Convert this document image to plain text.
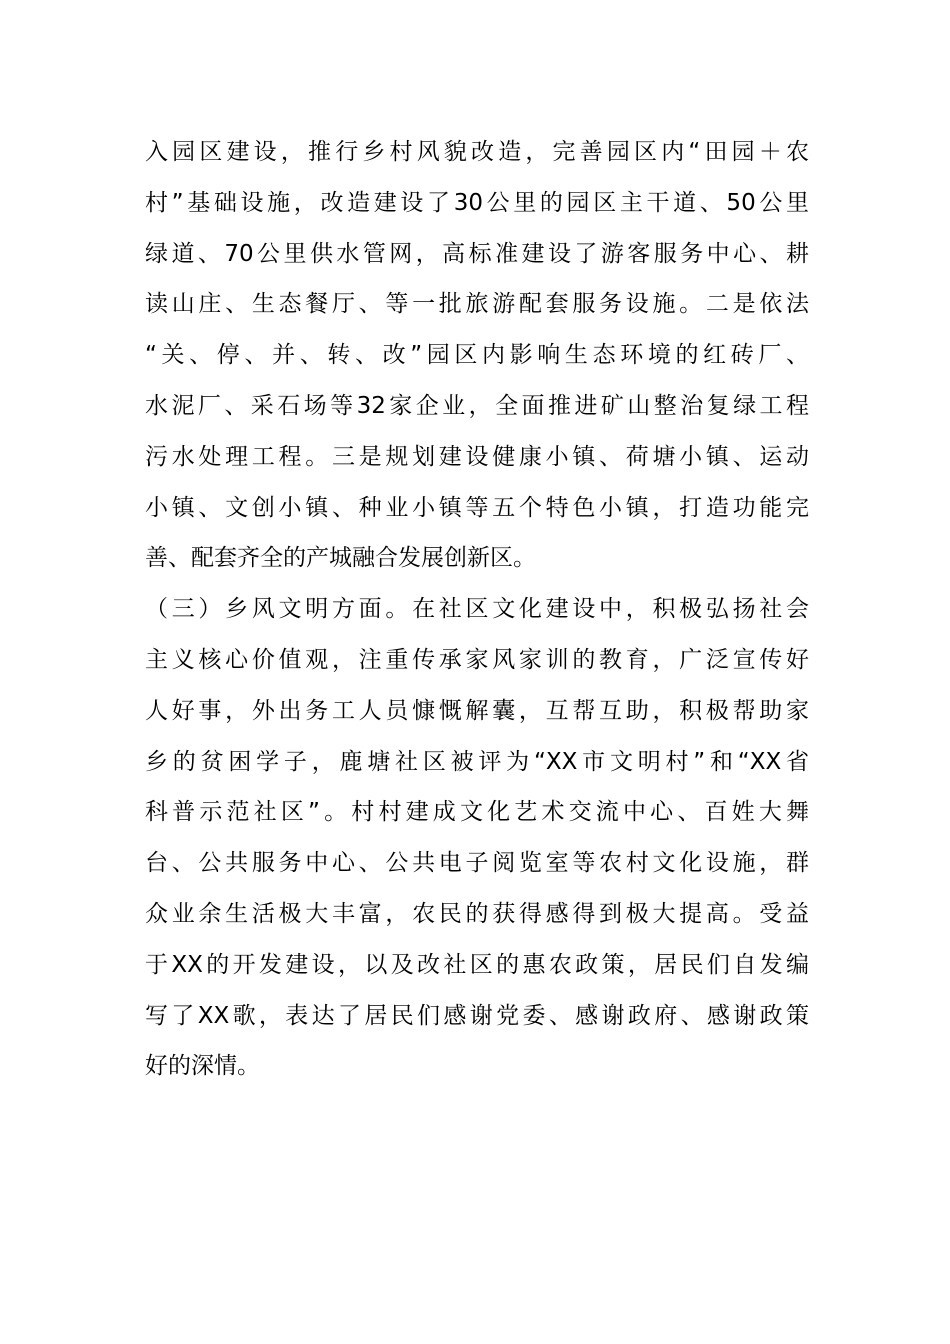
入园区建设，推行乡村风貌改造，完善园区内“田园＋农
村”基础设施，改造建设了30公里的园区主干道、50公里
绿道、70公里供水管网，高标准建设了游客服务中心、耕
读山庄、生态餐厅、等一批旅游配套服务设施。二是依法
“关、停、并、转、改”园区内影响生态环境的红砖厂、
水泥厂、采石场等32家企业，全面推进矿山整治复绿工程
污水处理工程。三是规划建设健康小镇、荷塘小镇、运动
小镇、文创小镇、种业小镇等五个特色小镇，打造功能完
善、配套齐全的产城融合发展创新区。
（三）乡风文明方面。在社区文化建设中，积极弘扬社会
主义核心价值观，注重传承家风家训的教育，广泛宣传好
人好事，外出务工人员慷慨解囊，互帮互助，积极帮助家
乡的贫困学子，鹿塘社区被评为“XX市文明村”和“XX省
科普示范社区”。村村建成文化艺术交流中心、百姓大舞
台、公共服务中心、公共电子阅览室等农村文化设施，群
众业余生活极大丰富，农民的获得感得到极大提高。受益
于XX的开发建设，以及改社区的惠农政策，居民们自发编
写了XX歌，表达了居民们感谢党委、感谢政府、感谢政策
好的深情。
